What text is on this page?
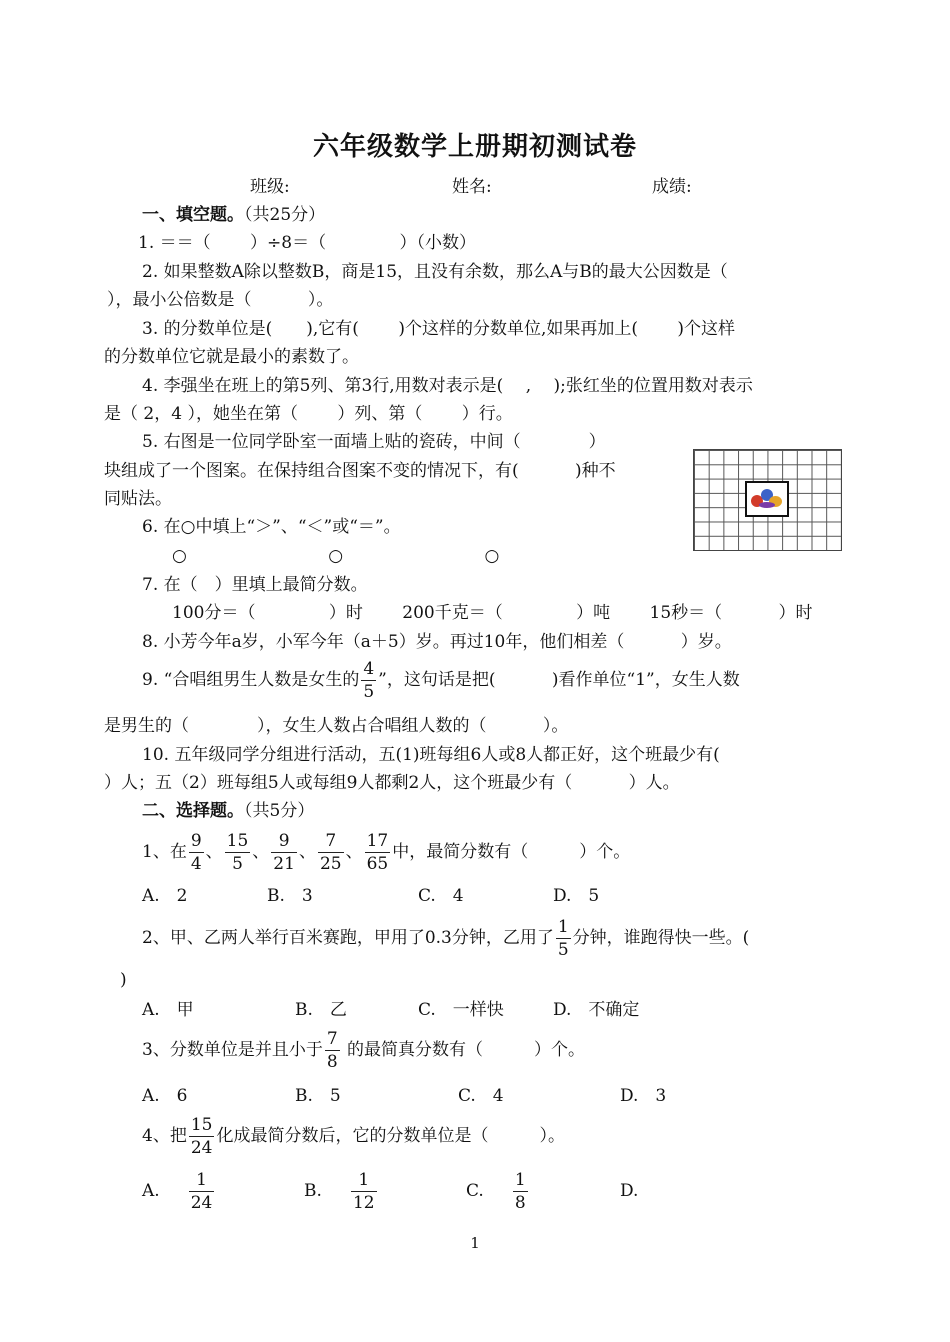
六年级数学上册期初测试卷
班级:	姓名:	成绩:
一、填空题。（共25分）
1. ＝＝（　　 ）÷8＝（　　　　 ）（小数）
2. 如果整数A除以整数B，商是15，且没有余数，那么A与B的最大公因数是（
），最小公倍数是（　　　 ）。
3. 的分数单位是(　　),它有(　　 )个这样的分数单位,如果再加上(　　 )个这样
的分数单位它就是最小的素数了。
4. 李强坐在班上的第5列、第3行,用数对表示是(　 , 　);张红坐的位置用数对表示
是（ 2，4 ），她坐在第（　　 ）列、第（　　 ）行。
5. 右图是一位同学卧室一面墙上贴的瓷砖，中间（　　　　）
块组成了一个图案。在保持组合图案不变的情况下，有(　　　 )种不
同贴法。
6. 在○中填上“＞”、“＜”或“＝”。
○　　　　　　　　 ○　　　　　　　　 ○
7. 在（　）里填上最简分数。
100分＝（　　　　 ）时　　 200千克＝（　　　　 ）吨　　 15秒＝（　　　 ）时
8. 小芳今年a岁，小军今年（a＋5）岁。再过10年，他们相差（　　　 ）岁。
9. “合唱组男生人数是女生的 $\frac{4}{5}$ ”，这句话是把(　　　 )看作单位“1”，女生人数
是男生的（　　　　），女生人数占合唱组人数的（　　　 ）。
10. 五年级同学分组进行活动，五(1)班每组6人或8人都正好，这个班最少有(
）人；五（2）班每组5人或每组9人都剩2人，这个班最少有（　　　 ）人。
二、选择题。（共5分）
1、在 $\frac{9}{4}$ 、 $\frac{15}{5}$ 、 $\frac{9}{21}$ 、 $\frac{7}{25}$ 、 $\frac{17}{65}$ 中，最简分数有（　　　）个。
A.　2	B.　3	C.　4	D.　5
2、甲、乙两人举行百米赛跑，甲用了0.3分钟，乙用了 $\frac{1}{5}$ 分钟，谁跑得快一些。(
)
A.　甲	B.　乙	C.　一样快	D.　不确定
3、分数单位是并且小于 $\frac{7}{8}$ 的最简真分数有（　　　）个。
A.　6	B.　5	C.　4	D.　3
4、把 $\frac{15}{24}$ 化成最简分数后，它的分数单位是（　　　）。
A. $\frac{1}{24}$	B. $\frac{1}{12}$	C. $\frac{1}{8}$	D.
1
